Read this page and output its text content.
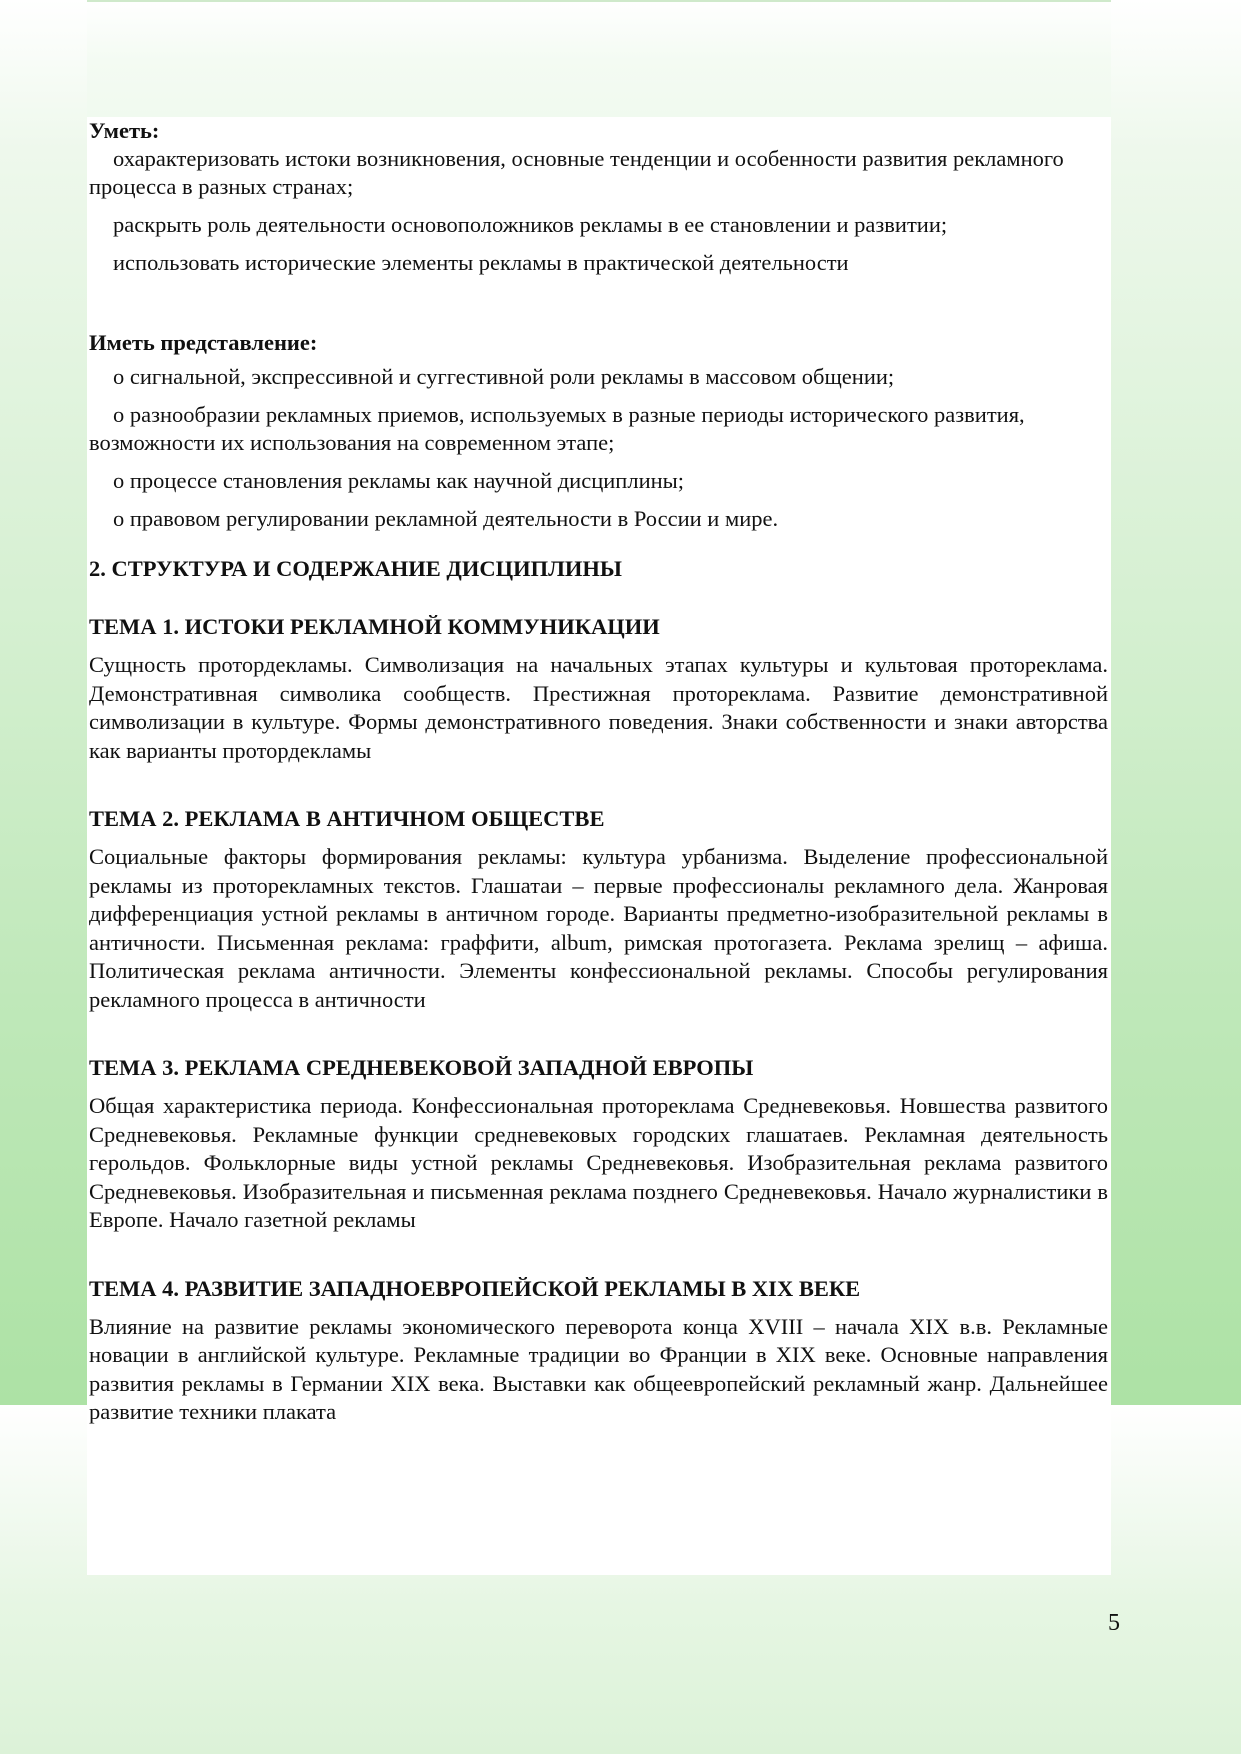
Уметь:

охарактеризовать истоки возникновения, основные тенденции и особенности развития рекламного процесса в разных странах;

раскрыть роль деятельности основоположников рекламы в ее становлении и развитии;

использовать исторические элементы рекламы в практической деятельности

Иметь представление:

о сигнальной, экспрессивной и суггестивной роли рекламы в массовом общении;

о разнообразии рекламных приемов, используемых в разные периоды исторического развития, возможности их использования на современном этапе;

о процессе становления рекламы как научной дисциплины;

о правовом регулировании рекламной деятельности в России и мире.

2. СТРУКТУРА И СОДЕРЖАНИЕ ДИСЦИПЛИНЫ

ТЕМА 1. ИСТОКИ РЕКЛАМНОЙ КОММУНИКАЦИИ

Сущность протордекламы. Символизация на начальных этапах культуры и культовая протореклама. Демонстративная символика сообществ. Престижная протореклама. Развитие демонстративной символизации в культуре. Формы демонстративного поведения. Знаки собственности и знаки авторства как варианты протордекламы

ТЕМА 2. РЕКЛАМА В АНТИЧНОМ ОБЩЕСТВЕ

Социальные факторы формирования рекламы: культура урбанизма. Выделение профессиональной рекламы из проторекламных текстов. Глашатаи – первые профессионалы рекламного дела. Жанровая дифференциация устной рекламы в античном городе. Варианты предметно-изобразительной рекламы в античности. Письменная реклама: граффити, album, римская протогазета. Реклама зрелищ – афиша. Политическая реклама античности. Элементы конфессиональной рекламы. Способы регулирования рекламного процесса в античности

ТЕМА 3. РЕКЛАМА СРЕДНЕВЕКОВОЙ ЗАПАДНОЙ ЕВРОПЫ

Общая характеристика периода. Конфессиональная протореклама Средневековья. Новшества развитого Средневековья. Рекламные функции средневековых городских глашатаев. Рекламная деятельность герольдов. Фольклорные виды устной рекламы Средневековья. Изобразительная реклама развитого Средневековья. Изобразительная и письменная реклама позднего Средневековья. Начало журналистики в Европе. Начало газетной рекламы

ТЕМА 4. РАЗВИТИЕ ЗАПАДНОЕВРОПЕЙСКОЙ РЕКЛАМЫ В XIX ВЕКЕ

Влияние на развитие рекламы экономического переворота конца XVIII – начала XIX в.в. Рекламные новации в английской культуре. Рекламные традиции во Франции в XIX веке. Основные направления развития рекламы в Германии XIX века. Выставки как общеевропейский рекламный жанр. Дальнейшее развитие техники плаката

5
